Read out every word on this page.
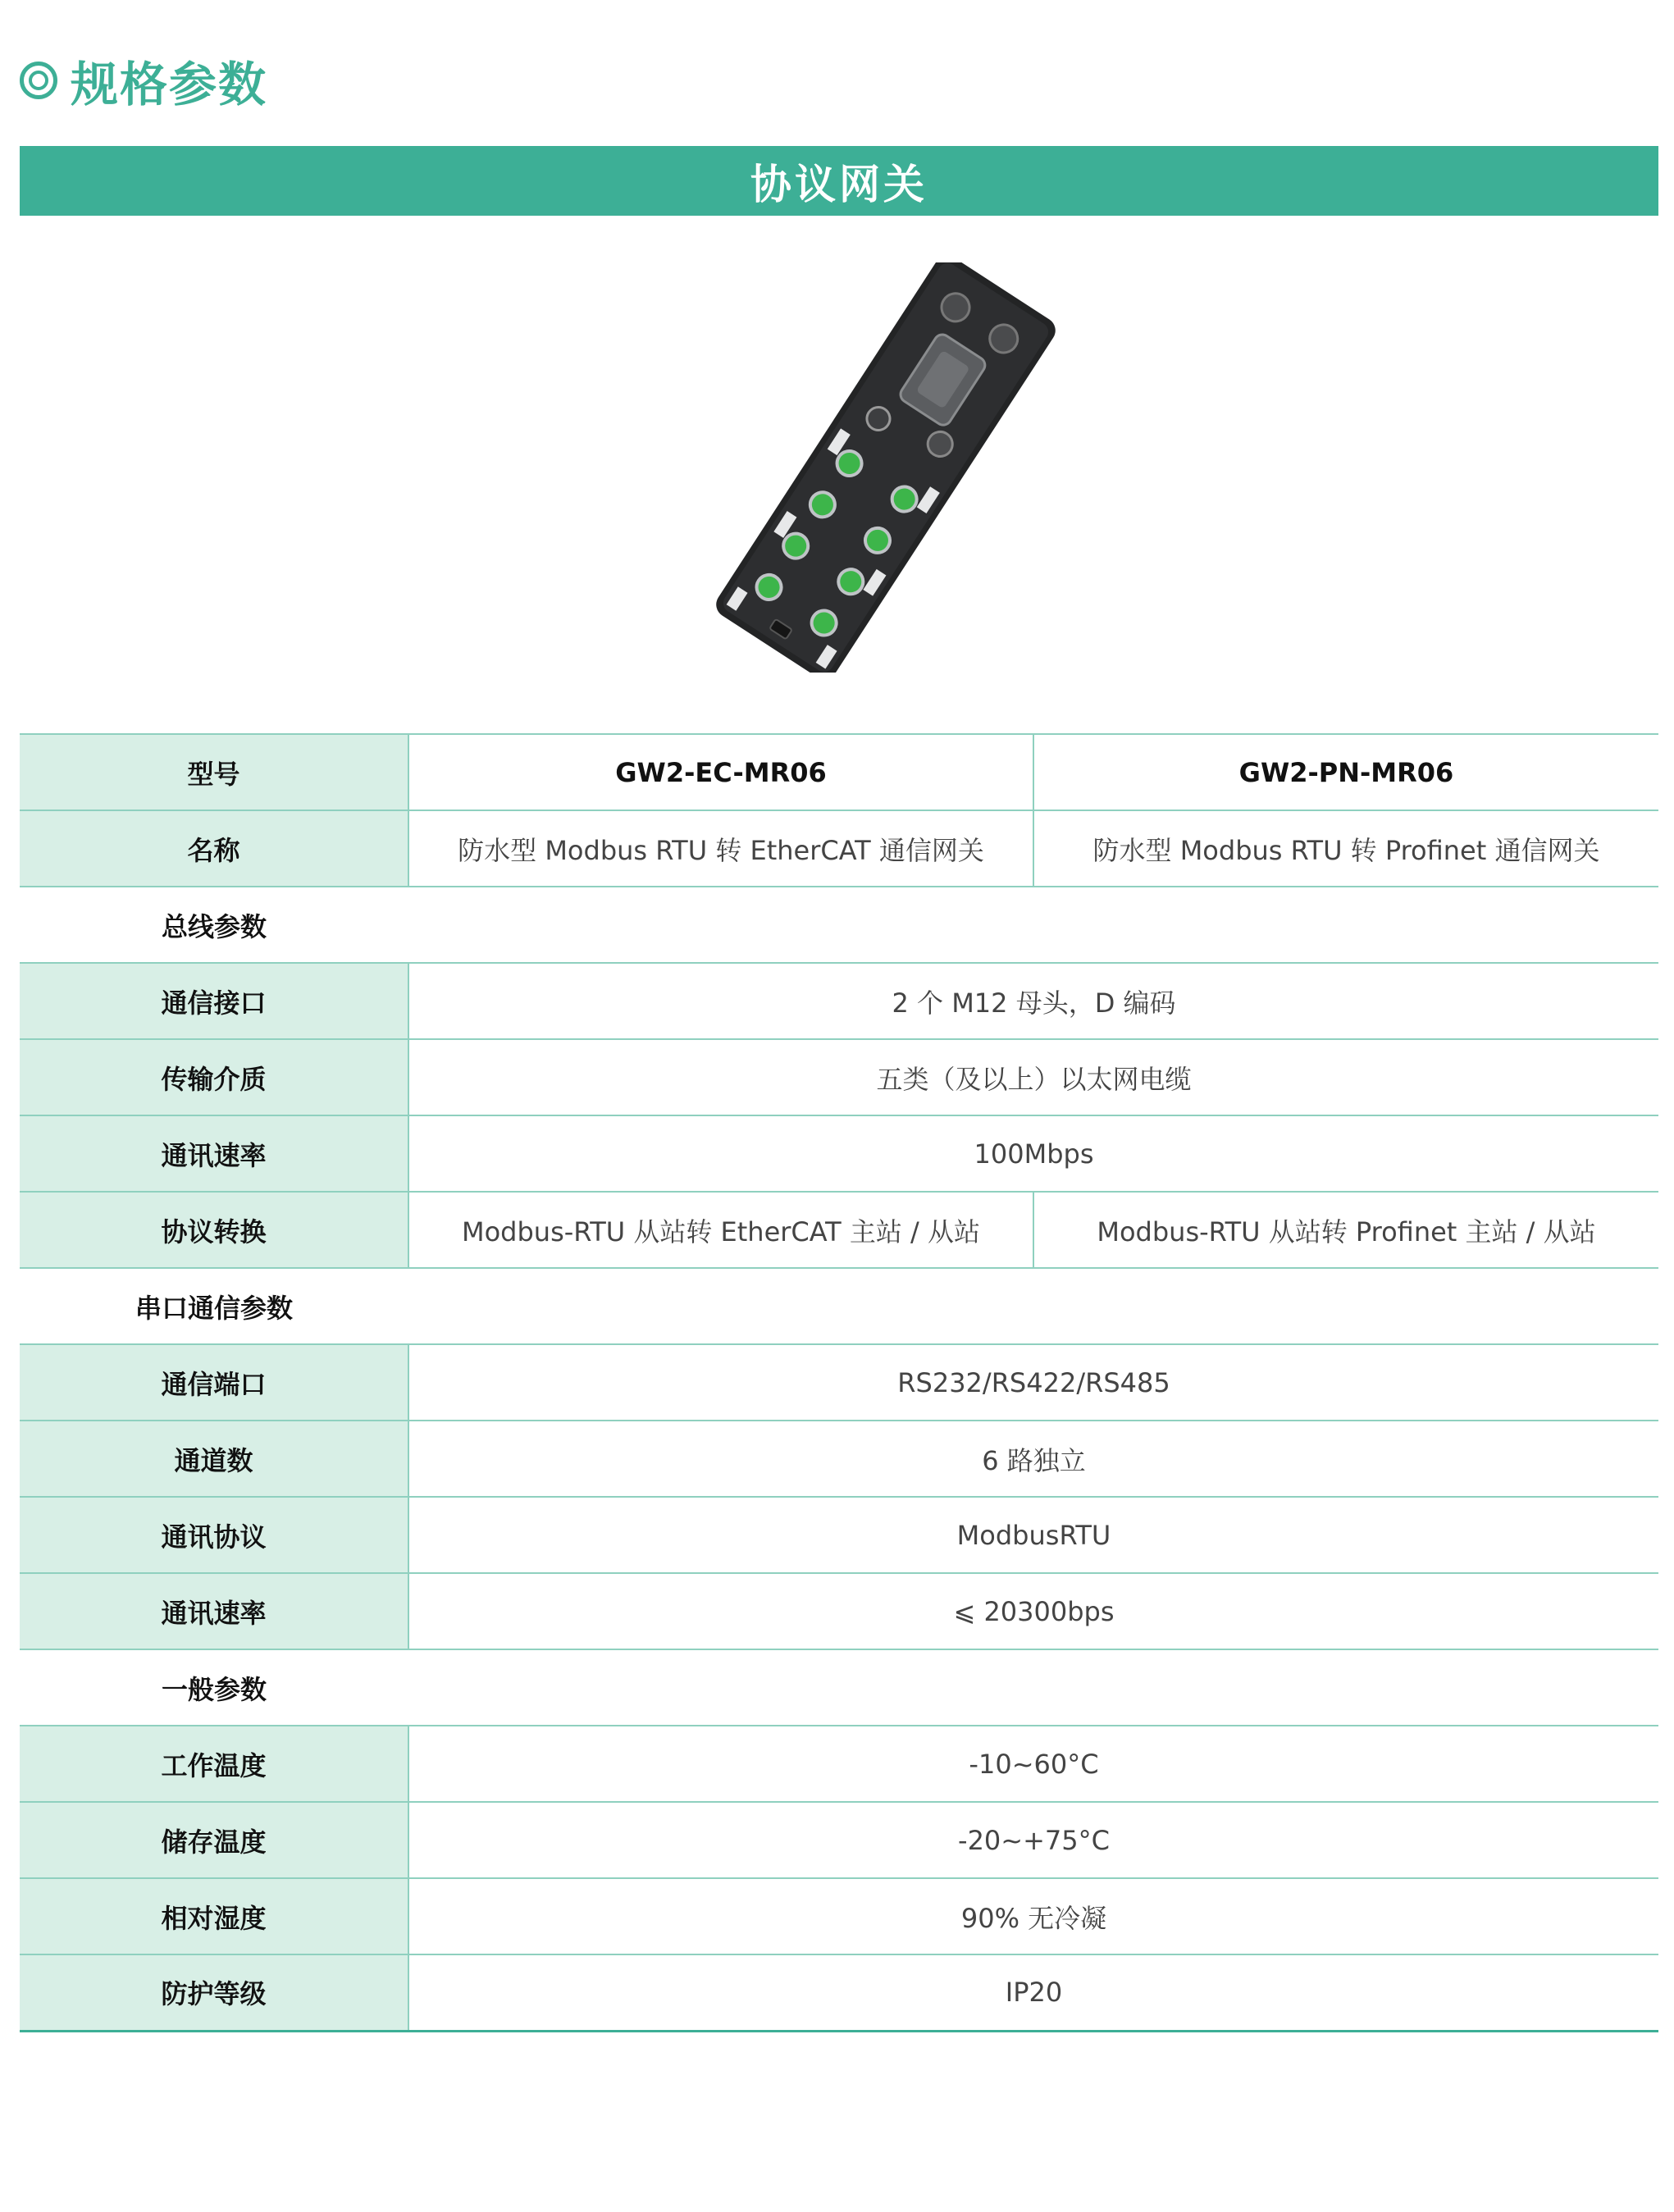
规格参数
协议网关
型号	GW2-EC-MR06	GW2-PN-MR06
名称	防水型 Modbus RTU 转 EtherCAT 通信网关	防水型 Modbus RTU 转 Profinet 通信网关
总线参数		
通信接口	2 个 M12 母头，D 编码	
传输介质	五类（及以上）以太网电缆	
通讯速率	100Mbps	
协议转换	Modbus-RTU 从站转 EtherCAT 主站 / 从站	Modbus-RTU 从站转 Profinet 主站 / 从站
串口通信参数		
通信端口	RS232/RS422/RS485	
通道数	6 路独立	
通讯协议	ModbusRTU	
通讯速率	⩽ 20300bps	
一般参数		
工作温度	-10~60°C	
储存温度	-20~+75°C	
相对湿度	90% 无冷凝	
防护等级	IP20	
